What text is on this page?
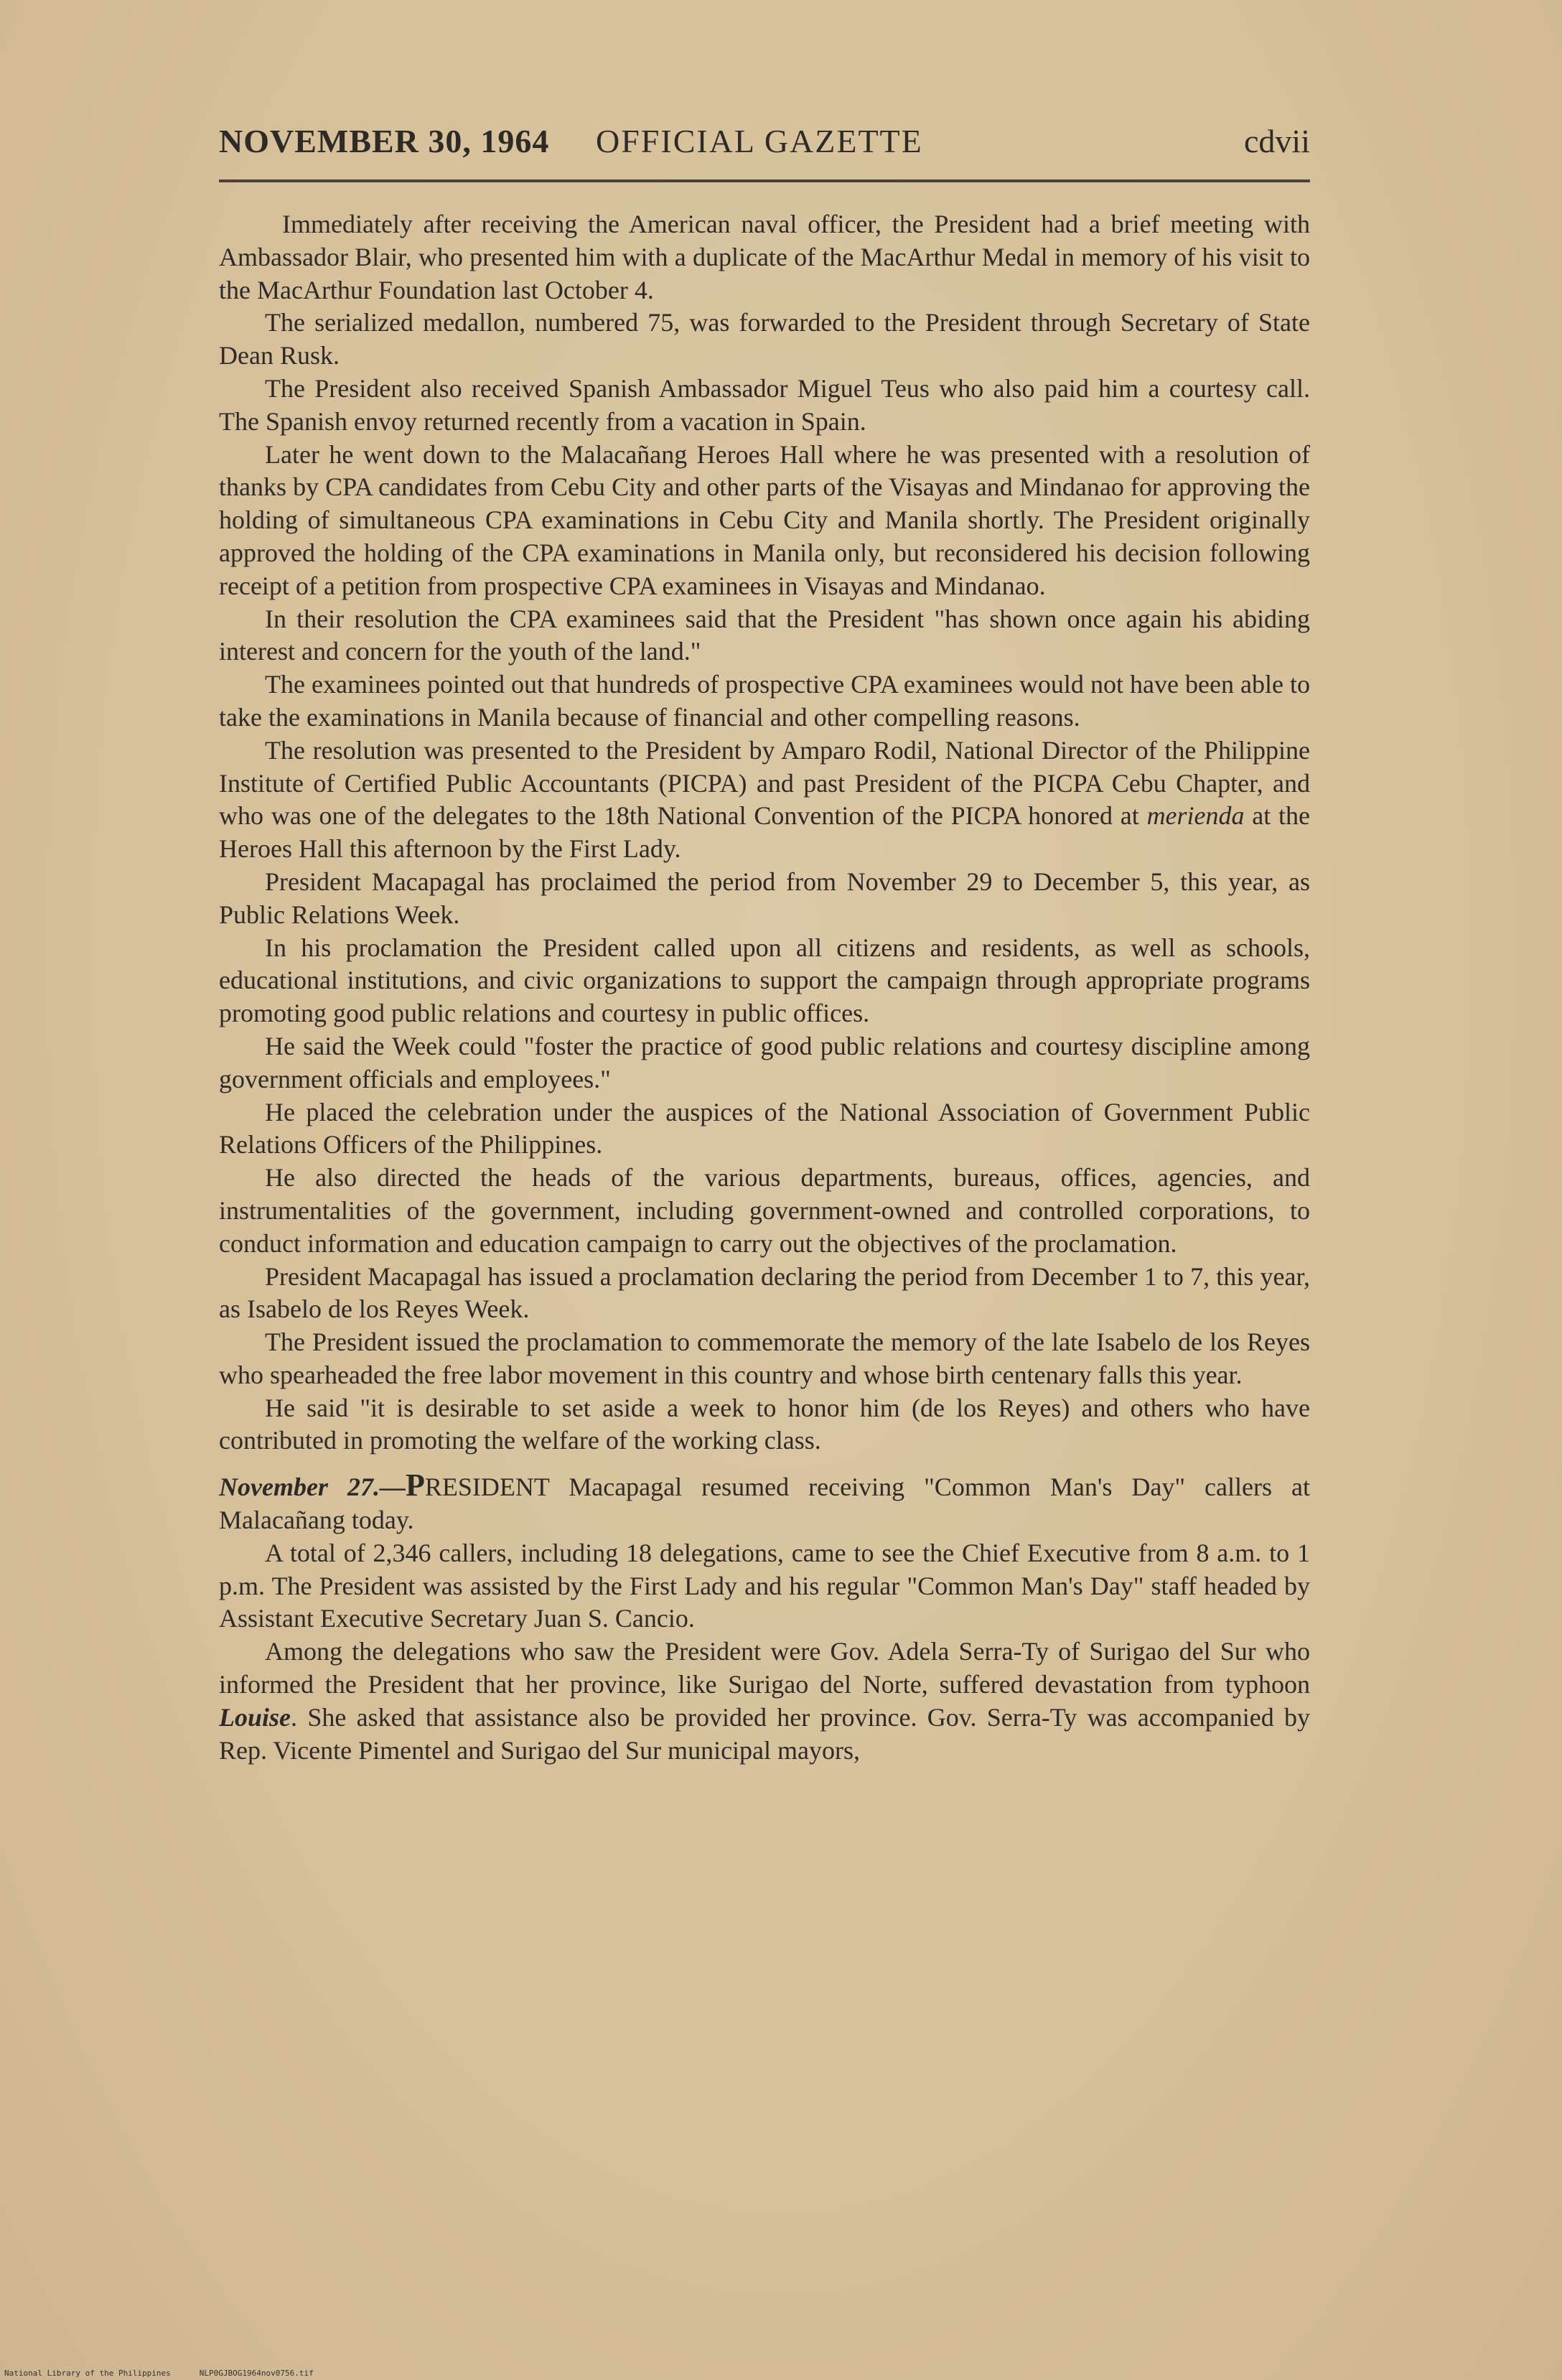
NOVEMBER 30, 1964 OFFICIAL GAZETTE	cdvii

Immediately after receiving the American naval officer, the President had a brief meeting with Ambassador Blair, who presented him with a duplicate of the MacArthur Medal in memory of his visit to the MacArthur Foundation last October 4.

The serialized medallon, numbered 75, was forwarded to the President through Secretary of State Dean Rusk.

The President also received Spanish Ambassador Miguel Teus who also paid him a courtesy call. The Spanish envoy returned recently from a vacation in Spain.

Later he went down to the Malacañang Heroes Hall where he was presented with a resolution of thanks by CPA candidates from Cebu City and other parts of the Visayas and Mindanao for approving the holding of simultaneous CPA examinations in Cebu City and Manila shortly. The President originally approved the holding of the CPA examinations in Manila only, but reconsidered his decision following receipt of a petition from prospective CPA examinees in Visayas and Mindanao.

In their resolution the CPA examinees said that the President "has shown once again his abiding interest and concern for the youth of the land."

The examinees pointed out that hundreds of prospective CPA examinees would not have been able to take the examinations in Manila because of financial and other compelling reasons.

The resolution was presented to the President by Amparo Rodil, National Director of the Philippine Institute of Certified Public Accountants (PICPA) and past President of the PICPA Cebu Chapter, and who was one of the delegates to the 18th National Convention of the PICPA honored at merienda at the Heroes Hall this afternoon by the First Lady.

President Macapagal has proclaimed the period from November 29 to December 5, this year, as Public Relations Week.

In his proclamation the President called upon all citizens and residents, as well as schools, educational institutions, and civic organizations to support the campaign through appropriate programs promoting good public relations and courtesy in public offices.

He said the Week could "foster the practice of good public relations and courtesy discipline among government officials and employees."

He placed the celebration under the auspices of the National Association of Government Public Relations Officers of the Philippines.

He also directed the heads of the various departments, bureaus, offices, agencies, and instrumentalities of the government, including government-owned and controlled corporations, to conduct information and education campaign to carry out the objectives of the proclamation.

President Macapagal has issued a proclamation declaring the period from December 1 to 7, this year, as Isabelo de los Reyes Week.

The President issued the proclamation to commemorate the memory of the late Isabelo de los Reyes who spearheaded the free labor movement in this country and whose birth centenary falls this year.

He said "it is desirable to set aside a week to honor him (de los Reyes) and others who have contributed in promoting the welfare of the working class.

November 27.—PRESIDENT Macapagal resumed receiving "Common Man's Day" callers at Malacañang today.

A total of 2,346 callers, including 18 delegations, came to see the Chief Executive from 8 a.m. to 1 p.m. The President was assisted by the First Lady and his regular "Common Man's Day" staff headed by Assistant Executive Secretary Juan S. Cancio.

Among the delegations who saw the President were Gov. Adela Serra-Ty of Surigao del Sur who informed the President that her province, like Surigao del Norte, suffered devastation from typhoon Louise. She asked that assistance also be provided her province. Gov. Serra-Ty was accompanied by Rep. Vicente Pimentel and Surigao del Sur municipal mayors,

National Library of the Philippines	NLP0GJBOG1964nov0756.tif
